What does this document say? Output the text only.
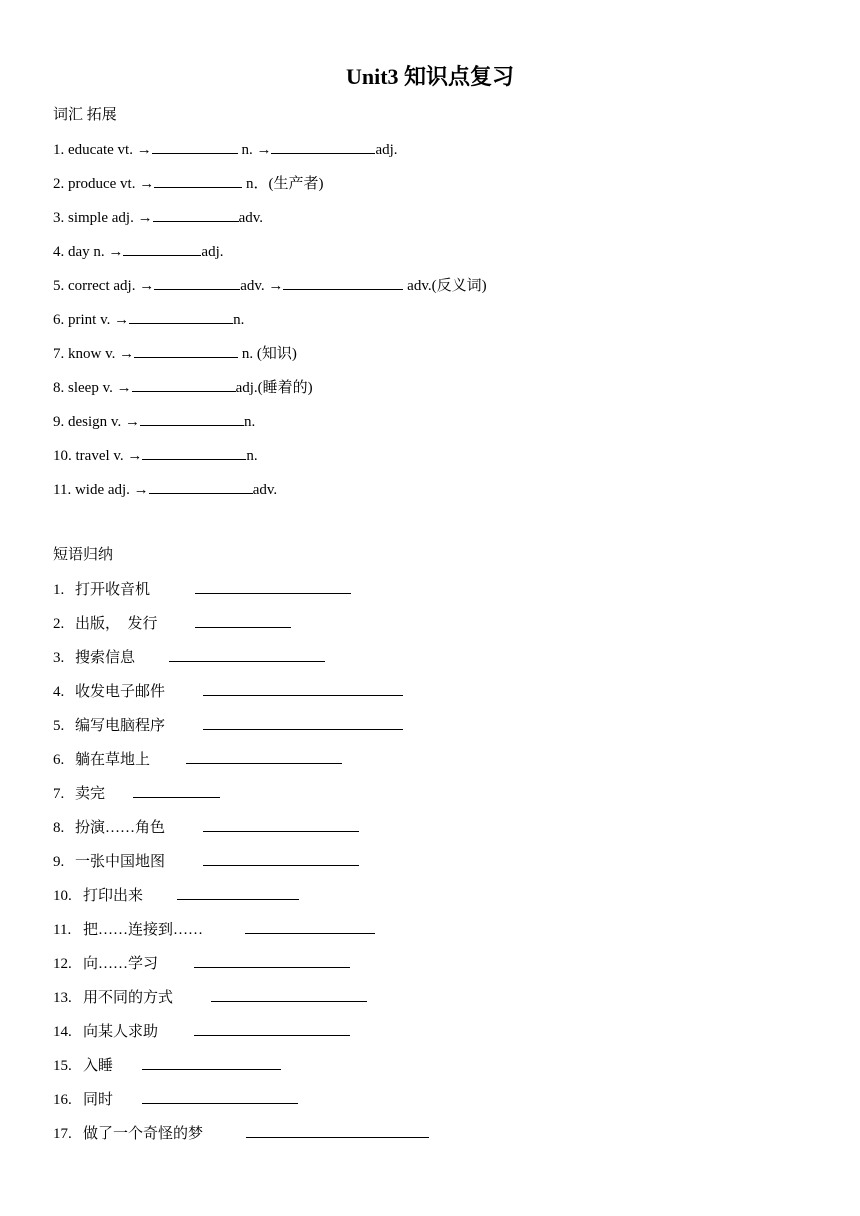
Unit3 知识点复习
词汇 拓展
1. educate vt. →	n. →	adj.
2. produce vt. →	n．(生产者)
3. simple adj. →	adv.
4. day n. →	adj.
5. correct adj. →	adv. →	adv.(反义词)
6. print v. →	n.
7. know v. →	n. (知识)
8. sleep v. →	adj.(睡着的)
9. design v. →	n.
10. travel v. →	n.
11. wide adj. →	adv.
短语归纳
1. 打开收音机
2. 出版，  发行
3. 搜索信息
4. 收发电子邮件
5. 编写电脑程序
6. 躺在草地上
7. 卖完
8. 扮演……角色
9. 一张中国地图
10. 打印出来
11. 把……连接到……
12. 向……学习
13. 用不同的方式
14. 向某人求助
15. 入睡
16. 同时
17. 做了一个奇怪的梦
